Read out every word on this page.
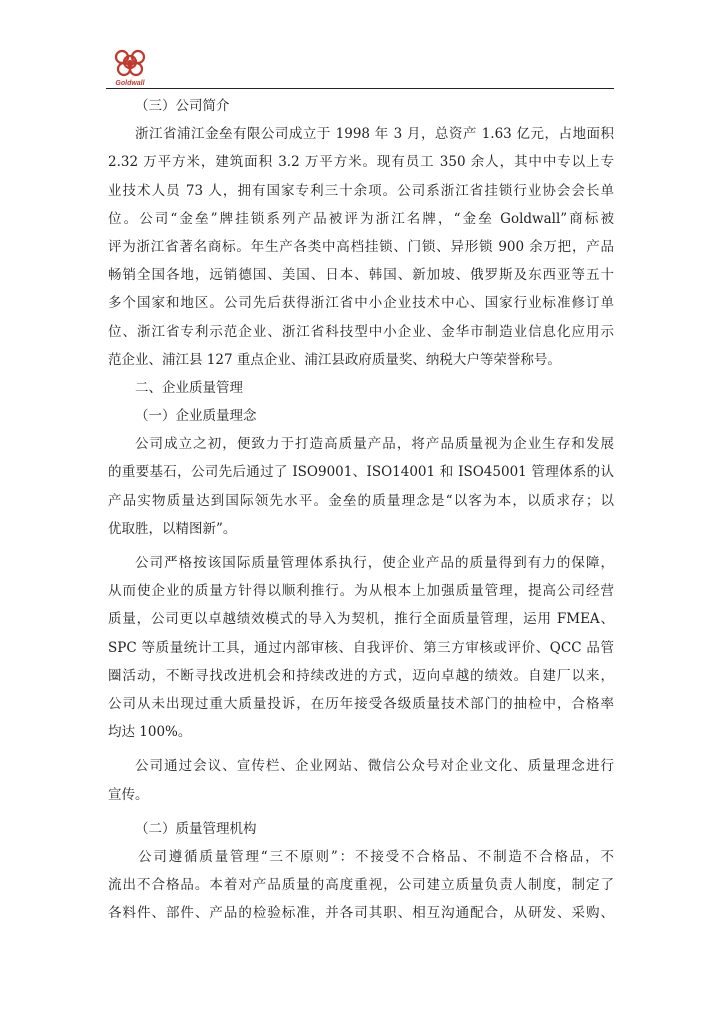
Goldwall
（三）公司简介
浙江省浦江金垒有限公司成立于 1998 年 3 月，总资产 1.63 亿元，占地面积
2.32 万平方米，建筑面积 3.2 万平方米。现有员工 350 余人，其中中专以上专
业技术人员 73 人，拥有国家专利三十余项。公司系浙江省挂锁行业协会会长单
位。公司“金垒”牌挂锁系列产品被评为浙江名牌，“金垒 Goldwall”商标被
评为浙江省著名商标。年生产各类中高档挂锁、门锁、异形锁 900 余万把，产品
畅销全国各地，远销德国、美国、日本、韩国、新加坡、俄罗斯及东西亚等五十
多个国家和地区。公司先后获得浙江省中小企业技术中心、国家行业标准修订单
位、浙江省专利示范企业、浙江省科技型中小企业、金华市制造业信息化应用示
范企业、浦江县 127 重点企业、浦江县政府质量奖、纳税大户等荣誉称号。
二、企业质量管理
（一）企业质量理念
公司成立之初，便致力于打造高质量产品，将产品质量视为企业生存和发展
的重要基石，公司先后通过了 ISO9001、ISO14001 和 ISO45001 管理体系的认
产品实物质量达到国际领先水平。金垒的质量理念是“以客为本，以质求存；以
优取胜，以精图新”。
公司严格按该国际质量管理体系执行，使企业产品的质量得到有力的保障，
从而使企业的质量方针得以顺利推行。为从根本上加强质量管理，提高公司经营
质量，公司更以卓越绩效模式的导入为契机，推行全面质量管理，运用 FMEA、
SPC 等质量统计工具，通过内部审核、自我评价、第三方审核或评价、QCC 品管
圈活动，不断寻找改进机会和持续改进的方式，迈向卓越的绩效。自建厂以来，
公司从未出现过重大质量投诉，在历年接受各级质量技术部门的抽检中，合格率
均达 100%。
公司通过会议、宣传栏、企业网站、微信公众号对企业文化、质量理念进行
宣传。
（二）质量管理机构
公司遵循质量管理“三不原则”：不接受不合格品、不制造不合格品，不
流出不合格品。本着对产品质量的高度重视，公司建立质量负责人制度，制定了
各料件、部件、产品的检验标准，并各司其职、相互沟通配合，从研发、采购、
